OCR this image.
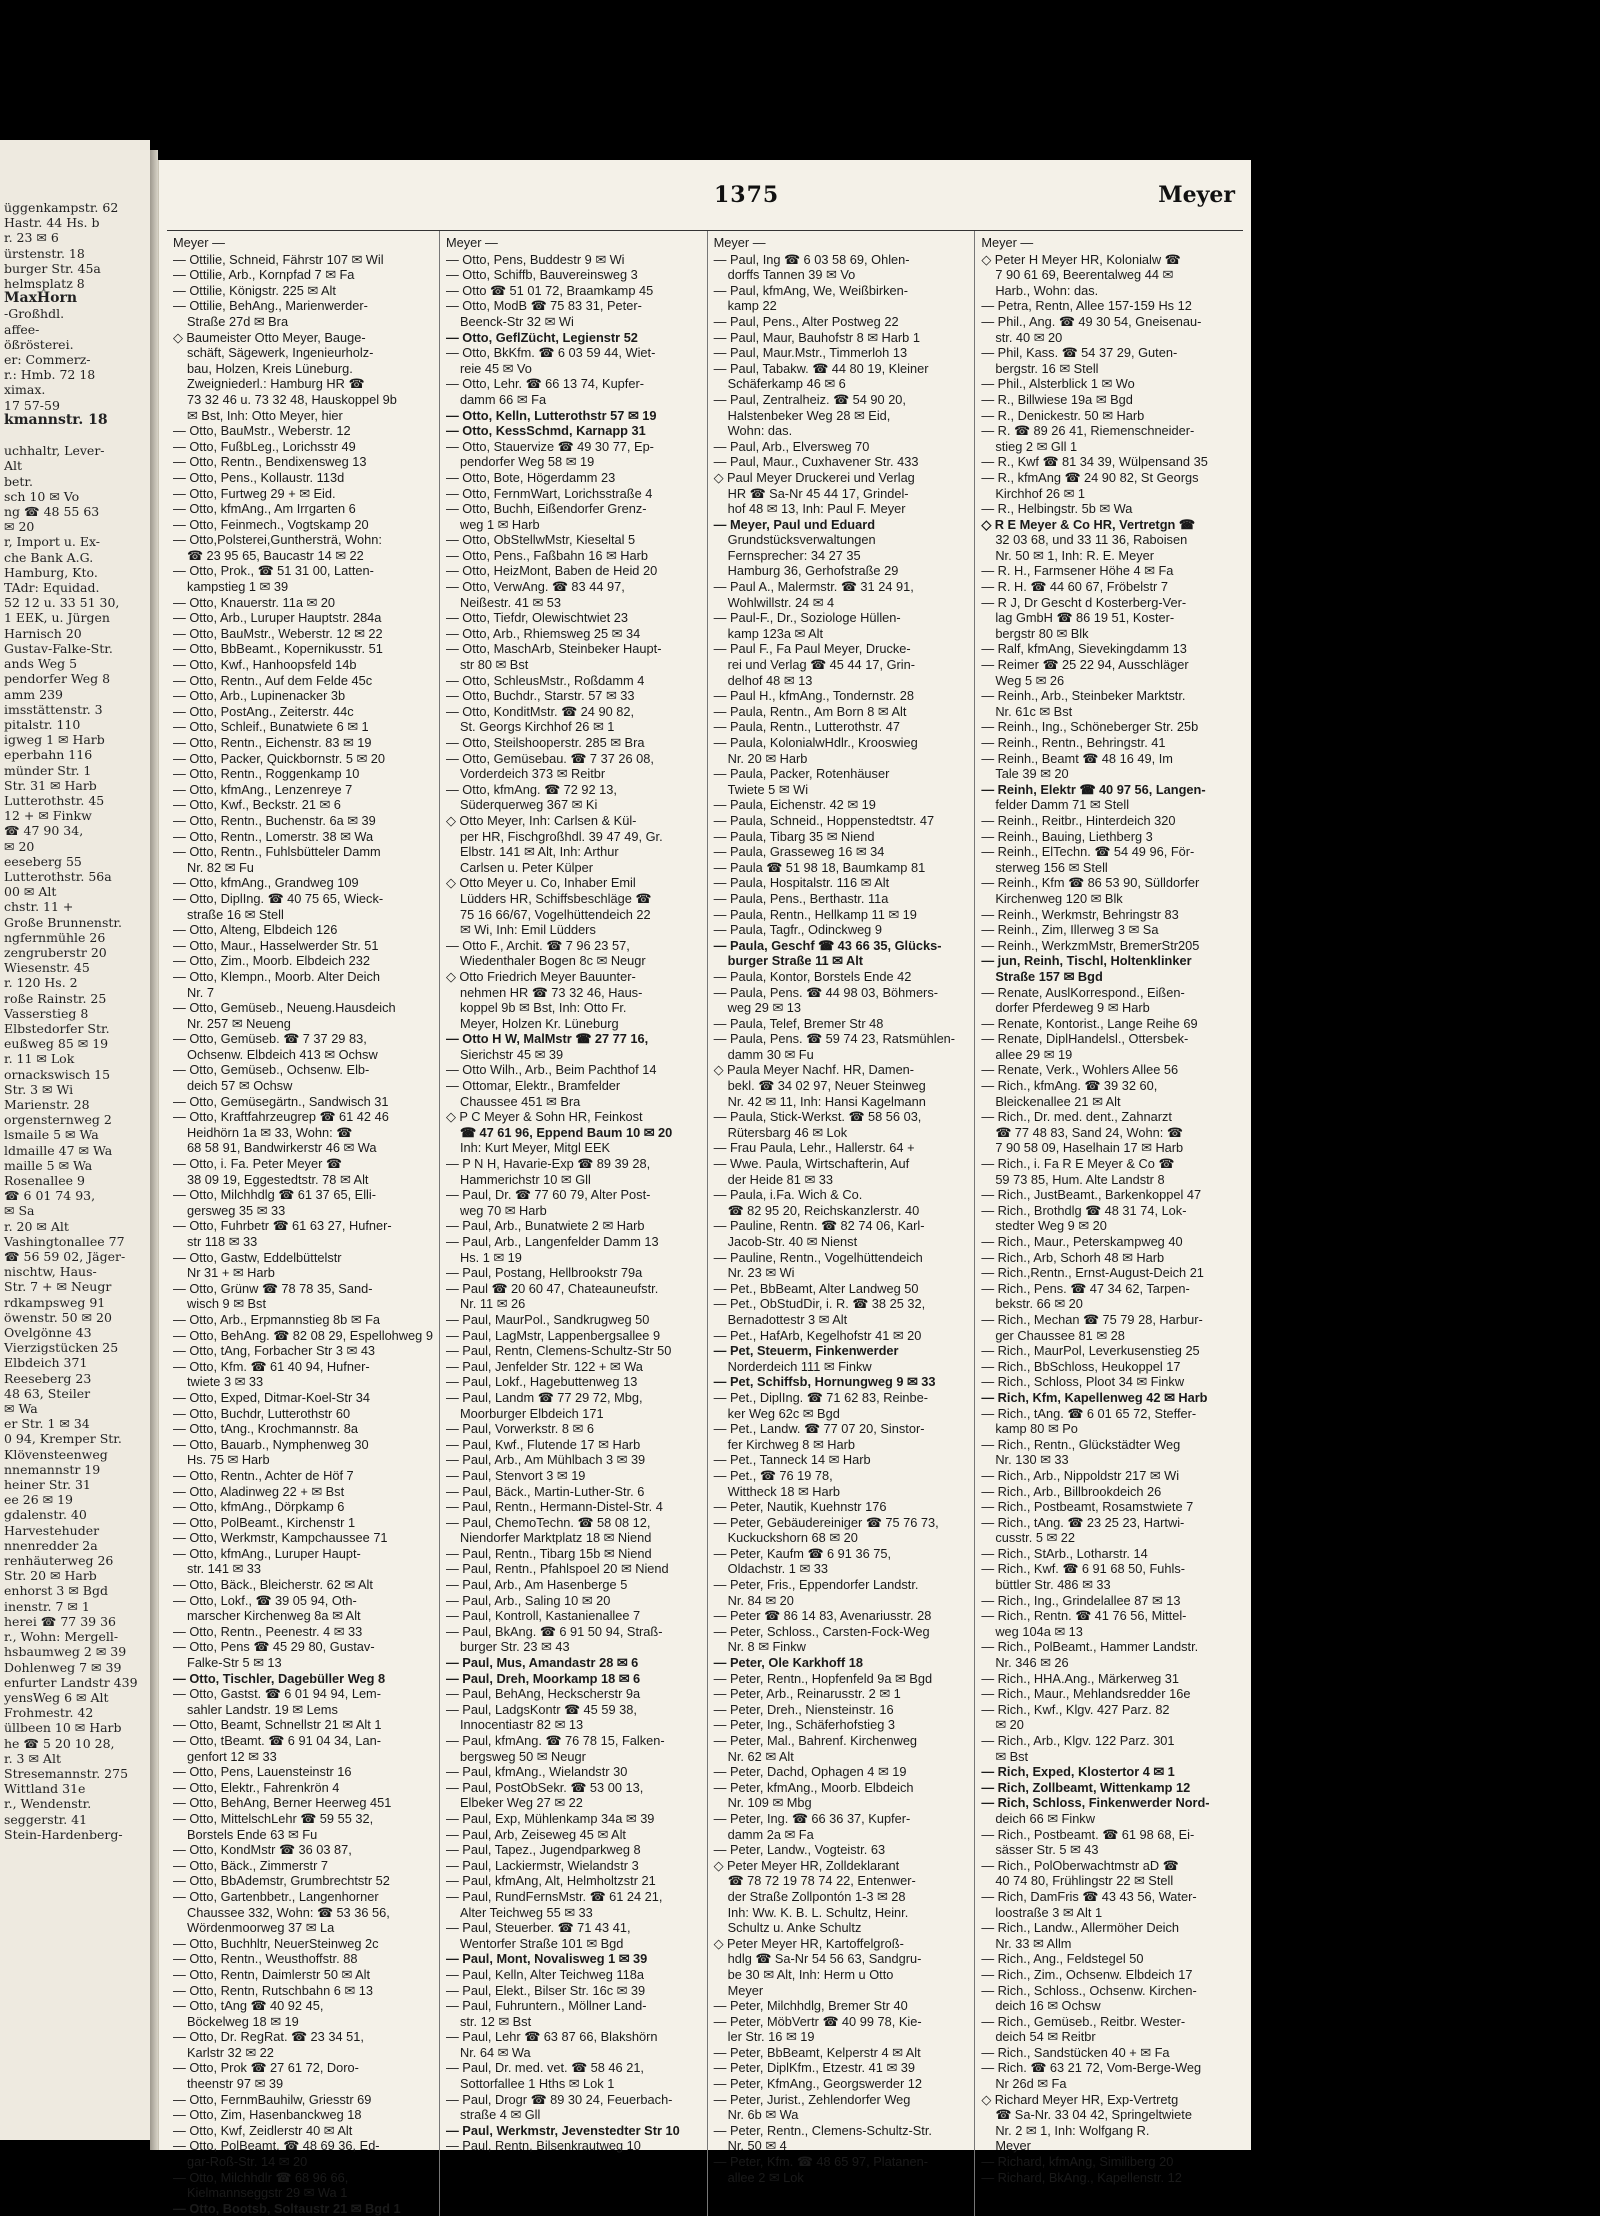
üggenkampstr. 62
Hastr. 44 Hs. b
r. 23 ✉ 6
ürstenstr. 18
burger Str. 45a
helmsplatz 8
MaxHorn
-Großhdl.
affee-
ößrösterei.
er: Commerz-
r.: Hmb. 72 18
ximax.
17 57-59
kmannstr. 18

uchhaltr, Lever-
Alt
betr.
sch 10 ✉ Vo
ng ☎ 48 55 63
✉ 20
r, Import u. Ex-
che Bank A.G.
Hamburg, Kto.
TAdr: Equidad.
52 12 u. 33 51 30,
1 EEK, u. Jürgen
Harnisch 20
Gustav-Falke-Str.
ands Weg 5
pendorfer Weg 8
amm 239
imsstättenstr. 3
pitalstr. 110
igweg 1 ✉ Harb
eperbahn 116
münder Str. 1
Str. 31 ✉ Harb
Lutterothstr. 45
12 + ✉ Finkw
☎ 47 90 34,
✉ 20
eeseberg 55
Lutterothstr. 56a
00 ✉ Alt
chstr. 11 +
Große Brunnenstr.
ngfernmühle 26
zengruberstr 20
Wiesenstr. 45
r. 120 Hs. 2
roße Rainstr. 25
Vasserstieg 8
Elbstedorfer Str.
eußweg 85 ✉ 19
r. 11 ✉ Lok
ornackswisch 15
Str. 3 ✉ Wi
Marienstr. 28
orgensternweg 2
lsmaile 5 ✉ Wa
ldmaille 47 ✉ Wa
maille 5 ✉ Wa
Rosenallee 9
☎ 6 01 74 93,
✉ Sa
r. 20 ✉ Alt
Vashingtonallee 77
☎ 56 59 02, Jäger-
nischtw, Haus-
Str. 7 + ✉ Neugr
rdkampsweg 91
öwenstr. 50 ✉ 20
Ovelgönne 43
Vierzigstücken 25
Elbdeich 371
Reeseberg 23
48 63, Steiler
✉ Wa
er Str. 1 ✉ 34
0 94, Kremper Str.
Klövensteenweg
nnemannstr 19
heiner Str. 31
ee 26 ✉ 19
gdalenstr. 40
Harvestehuder
nnenredder 2a
renhäuterweg 26
Str. 20 ✉ Harb
enhorst 3 ✉ Bgd
inenstr. 7 ✉ 1
herei ☎ 77 39 36
r., Wohn: Mergell-
hsbaumweg 2 ✉ 39
Dohlenweg 7 ✉ 39
enfurter Landstr 439
yensWeg 6 ✉ Alt
Frohmestr. 42
üllbeen 10 ✉ Harb
he ☎ 5 20 10 28,
r. 3 ✉ Alt
Stresemannstr. 275
Wittland 31e
r., Wendenstr.
seggerstr. 41
Stein-Hardenberg-
1375	Meyer
Meyer —
— Ottilie, Schneid, Fährstr 107 ✉ Wil
— Ottilie, Arb., Kornpfad 7 ✉ Fa
— Ottilie, Königstr. 225 ✉ Alt
— Ottilie, BehAng., Marienwerder-
Straße 27d ✉ Bra
◇ Baumeister Otto Meyer, Bauge-
schäft, Sägewerk, Ingenieurholz-
bau, Holzen, Kreis Lüneburg.
Zweigniederl.: Hamburg HR ☎
73 32 46 u. 73 32 48, Hauskoppel 9b
✉ Bst, Inh: Otto Meyer, hier
— Otto, BauMstr., Weberstr. 12
— Otto, FußbLeg., Lorichsstr 49
— Otto, Rentn., Bendixensweg 13
— Otto, Pens., Kollaustr. 113d
— Otto, Furtweg 29 + ✉ Eid.
— Otto, kfmAng., Am Irrgarten 6
— Otto, Feinmech., Vogtskamp 20
— Otto,Polsterei,Gunthersträ, Wohn:
☎ 23 95 65, Baucastr 14 ✉ 22
— Otto, Prok., ☎ 51 31 00, Latten-
kampstieg 1 ✉ 39
— Otto, Knauerstr. 11a ✉ 20
— Otto, Arb., Luruper Hauptstr. 284a
— Otto, BauMstr., Weberstr. 12 ✉ 22
— Otto, BbBeamt., Kopernikusstr. 51
— Otto, Kwf., Hanhoopsfeld 14b
— Otto, Rentn., Auf dem Felde 45c
— Otto, Arb., Lupinenacker 3b
— Otto, PostAng., Zeiterstr. 44c
— Otto, Schleif., Bunatwiete 6 ✉ 1
— Otto, Rentn., Eichenstr. 83 ✉ 19
— Otto, Packer, Quickbornstr. 5 ✉ 20
— Otto, Rentn., Roggenkamp 10
— Otto, kfmAng., Lenzenreye 7
— Otto, Kwf., Beckstr. 21 ✉ 6
— Otto, Rentn., Buchenstr. 6a ✉ 39
— Otto, Rentn., Lomerstr. 38 ✉ Wa
— Otto, Rentn., Fuhlsbütteler Damm
Nr. 82 ✉ Fu
— Otto, kfmAng., Grandweg 109
— Otto, DiplIng. ☎ 40 75 65, Wieck-
straße 16 ✉ Stell
— Otto, Alteng, Elbdeich 126
— Otto, Maur., Hasselwerder Str. 51
— Otto, Zim., Moorb. Elbdeich 232
— Otto, Klempn., Moorb. Alter Deich
Nr. 7
— Otto, Gemüseb., Neueng.Hausdeich
Nr. 257 ✉ Neueng
— Otto, Gemüseb. ☎ 7 37 29 83,
Ochsenw. Elbdeich 413 ✉ Ochsw
— Otto, Gemüseb., Ochsenw. Elb-
deich 57 ✉ Ochsw
— Otto, Gemüsegärtn., Sandwisch 31
— Otto, Kraftfahrzeugrep ☎ 61 42 46
Heidhörn 1a ✉ 33, Wohn: ☎
68 58 91, Bandwirkerstr 46 ✉ Wa
— Otto, i. Fa. Peter Meyer ☎
38 09 19, Eggestedtstr. 78 ✉ Alt
— Otto, Milchhdlg ☎ 61 37 65, Elli-
gersweg 35 ✉ 33
— Otto, Fuhrbetr ☎ 61 63 27, Hufner-
str 118 ✉ 33
— Otto, Gastw, Eddelbüttelstr
Nr 31 + ✉ Harb
— Otto, Grünw ☎ 78 78 35, Sand-
wisch 9 ✉ Bst
— Otto, Arb., Erpmannstieg 8b ✉ Fa
— Otto, BehAng. ☎ 82 08 29, Espellohweg 9
— Otto, tAng, Forbacher Str 3 ✉ 43
— Otto, Kfm. ☎ 61 40 94, Hufner-
twiete 3 ✉ 33
— Otto, Exped, Ditmar-Koel-Str 34
— Otto, Buchdr, Lutterothstr 60
— Otto, tAng., Krochmannstr. 8a
— Otto, Bauarb., Nymphenweg 30
Hs. 75 ✉ Harb
— Otto, Rentn., Achter de Höf 7
— Otto, Aladinweg 22 + ✉ Bst
— Otto, kfmAng., Dörpkamp 6
— Otto, PolBeamt., Kirchenstr 1
— Otto, Werkmstr, Kampchaussee 71
— Otto, kfmAng., Luruper Haupt-
str. 141 ✉ 33
— Otto, Bäck., Bleicherstr. 62 ✉ Alt
— Otto, Lokf., ☎ 39 05 94, Oth-
marscher Kirchenweg 8a ✉ Alt
— Otto, Rentn., Peenestr. 4 ✉ 33
— Otto, Pens ☎ 45 29 80, Gustav-
Falke-Str 5 ✉ 13
— Otto, Tischler, Dagebüller Weg 8
— Otto, Gastst. ☎ 6 01 94 94, Lem-
sahler Landstr. 19 ✉ Lems
— Otto, Beamt, Schnellstr 21 ✉ Alt 1
— Otto, tBeamt. ☎ 6 91 04 34, Lan-
genfort 12 ✉ 33
— Otto, Pens, Lauensteinstr 16
— Otto, Elektr., Fahrenkrön 4
— Otto, BehAng, Berner Heerweg 451
— Otto, MittelschLehr ☎ 59 55 32,
Borstels Ende 63 ✉ Fu
— Otto, KondMstr ☎ 36 03 87,
— Otto, Bäck., Zimmerstr 7
— Otto, BbAdemstr, Grumbrechtstr 52
— Otto, Gartenbbetr., Langenhorner
Chaussee 332, Wohn: ☎ 53 36 56,
Wördenmoorweg 37 ✉ La
— Otto, Buchhltr, NeuerSteinweg 2c
— Otto, Rentn., Weusthoffstr. 88
— Otto, Rentn, Daimlerstr 50 ✉ Alt
— Otto, Rentn, Rutschbahn 6 ✉ 13
— Otto, tAng ☎ 40 92 45,
Böckelweg 18 ✉ 19
— Otto, Dr. RegRat. ☎ 23 34 51,
Karlstr 32 ✉ 22
— Otto, Prok ☎ 27 61 72, Doro-
theenstr 97 ✉ 39
— Otto, FernmBauhilw, Griesstr 69
— Otto, Zim, Hasenbanckweg 18
— Otto, Kwf, Zeidlerstr 40 ✉ Alt
— Otto, PolBeamt. ☎ 48 69 36, Ed-
gar-Roß-Str. 14 ✉ 20
— Otto, Milchhdlr ☎ 68 96 66,
Kielmannseggstr 29 ✉ Wa 1
— Otto, Bootsb, Soltaustr 21 ✉ Bgd 1
Meyer —
— Otto, Pens, Buddestr 9 ✉ Wi
— Otto, Schiffb, Bauvereinsweg 3
— Otto ☎ 51 01 72, Braamkamp 45
— Otto, ModB ☎ 75 83 31, Peter-
Beenck-Str 32 ✉ Wi
— Otto, GeflZücht, Legienstr 52
— Otto, BkKfm. ☎ 6 03 59 44, Wiet-
reie 45 ✉ Vo
— Otto, Lehr. ☎ 66 13 74, Kupfer-
damm 66 ✉ Fa
— Otto, Kelln, Lutterothstr 57 ✉ 19
— Otto, KessSchmd, Karnapp 31
— Otto, Stauervize ☎ 49 30 77, Ep-
pendorfer Weg 58 ✉ 19
— Otto, Bote, Högerdamm 23
— Otto, FernmWart, Lorichsstraße 4
— Otto, Buchh, Eißendorfer Grenz-
weg 1 ✉ Harb
— Otto, ObStellwMstr, Kieseltal 5
— Otto, Pens., Faßbahn 16 ✉ Harb
— Otto, HeizMont, Baben de Heid 20
— Otto, VerwAng. ☎ 83 44 97,
Neißestr. 41 ✉ 53
— Otto, Tiefdr, Olewischtwiet 23
— Otto, Arb., Rhiemsweg 25 ✉ 34
— Otto, MaschArb, Steinbeker Haupt-
str 80 ✉ Bst
— Otto, SchleusMstr., Roßdamm 4
— Otto, Buchdr., Starstr. 57 ✉ 33
— Otto, KonditMstr. ☎ 24 90 82,
St. Georgs Kirchhof 26 ✉ 1
— Otto, Steilshooperstr. 285 ✉ Bra
— Otto, Gemüsebau. ☎ 7 37 26 08,
Vorderdeich 373 ✉ Reitbr
— Otto, kfmAng. ☎ 72 92 13,
Süderquerweg 367 ✉ Ki
◇ Otto Meyer, Inh: Carlsen & Kül-
per HR, Fischgroßhdl. 39 47 49, Gr.
Elbstr. 141 ✉ Alt, Inh: Arthur
Carlsen u. Peter Külper
◇ Otto Meyer u. Co, Inhaber Emil
Lüdders HR, Schiffsbeschläge ☎
75 16 66/67, Vogelhüttendeich 22
✉ Wi, Inh: Emil Lüdders
— Otto F., Archit. ☎ 7 96 23 57,
Wiedenthaler Bogen 8c ✉ Neugr
◇ Otto Friedrich Meyer Bauunter-
nehmen HR ☎ 73 32 46, Haus-
koppel 9b ✉ Bst, Inh: Otto Fr.
Meyer, Holzen Kr. Lüneburg
— Otto H W, MalMstr ☎ 27 77 16,
Sierichstr 45 ✉ 39
— Otto Wilh., Arb., Beim Pachthof 14
— Ottomar, Elektr., Bramfelder
Chaussee 451 ✉ Bra
◇ P C Meyer & Sohn HR, Feinkost
☎ 47 61 96, Eppend Baum 10 ✉ 20
Inh: Kurt Meyer, Mitgl EEK
— P N H, Havarie-Exp ☎ 89 39 28,
Hammerichstr 10 ✉ Gll
— Paul, Dr. ☎ 77 60 79, Alter Post-
weg 70 ✉ Harb
— Paul, Arb., Bunatwiete 2 ✉ Harb
— Paul, Arb., Langenfelder Damm 13
Hs. 1 ✉ 19
— Paul, Postang, Hellbrookstr 79a
— Paul ☎ 20 60 47, Chateauneufstr.
Nr. 11 ✉ 26
— Paul, MaurPol., Sandkrugweg 50
— Paul, LagMstr, Lappenbergsallee 9
— Paul, Rentn, Clemens-Schultz-Str 50
— Paul, Jenfelder Str. 122 + ✉ Wa
— Paul, Lokf., Hagebuttenweg 13
— Paul, Landm ☎ 77 29 72, Mbg,
Moorburger Elbdeich 171
— Paul, Vorwerkstr. 8 ✉ 6
— Paul, Kwf., Flutende 17 ✉ Harb
— Paul, Arb., Am Mühlbach 3 ✉ 39
— Paul, Stenvort 3 ✉ 19
— Paul, Bäck., Martin-Luther-Str. 6
— Paul, Rentn., Hermann-Distel-Str. 4
— Paul, ChemoTechn. ☎ 58 08 12,
Niendorfer Marktplatz 18 ✉ Niend
— Paul, Rentn., Tibarg 15b ✉ Niend
— Paul, Rentn., Pfahlspoel 20 ✉ Niend
— Paul, Arb., Am Hasenberge 5
— Paul, Arb., Saling 10 ✉ 20
— Paul, Kontroll, Kastanienallee 7
— Paul, BkAng. ☎ 6 91 50 94, Straß-
burger Str. 23 ✉ 43
— Paul, Mus, Amandastr 28 ✉ 6
— Paul, Dreh, Moorkamp 18 ✉ 6
— Paul, BehAng, Heckscherstr 9a
— Paul, LadgsKontr ☎ 45 59 38,
Innocentiastr 82 ✉ 13
— Paul, kfmAng. ☎ 76 78 15, Falken-
bergsweg 50 ✉ Neugr
— Paul, kfmAng., Wielandstr 30
— Paul, PostObSekr. ☎ 53 00 13,
Elbeker Weg 27 ✉ 22
— Paul, Exp, Mühlenkamp 34a ✉ 39
— Paul, Arb, Zeiseweg 45 ✉ Alt
— Paul, Tapez., Jugendparkweg 8
— Paul, Lackiermstr, Wielandstr 3
— Paul, kfmAng, Alt, Helmholtzstr 21
— Paul, RundFernsMstr. ☎ 61 24 21,
Alter Teichweg 55 ✉ 33
— Paul, Steuerber. ☎ 71 43 41,
Wentorfer Straße 101 ✉ Bgd
— Paul, Mont, Novalisweg 1 ✉ 39
— Paul, Kelln, Alter Teichweg 118a
— Paul, Elekt., Bilser Str. 16c ✉ 39
— Paul, Fuhruntern., Möllner Land-
str. 12 ✉ Bst
— Paul, Lehr ☎ 63 87 66, Blakshörn
Nr. 64 ✉ Wa
— Paul, Dr. med. vet. ☎ 58 46 21,
Sottorfallee 1 Hths ✉ Lok 1
— Paul, Drogr ☎ 89 30 24, Feuerbach-
straße 4 ✉ Gll
— Paul, Werkmstr, Jevenstedter Str 10
— Paul, Rentn, Bilsenkrautweg 10
Meyer —
— Paul, Ing ☎ 6 03 58 69, Ohlen-
dorffs Tannen 39 ✉ Vo
— Paul, kfmAng, We, Weißbirken-
kamp 22
— Paul, Pens., Alter Postweg 22
— Paul, Maur, Bauhofstr 8 ✉ Harb 1
— Paul, Maur.Mstr., Timmerloh 13
— Paul, Tabakw. ☎ 44 80 19, Kleiner
Schäferkamp 46 ✉ 6
— Paul, Zentralheiz. ☎ 54 90 20,
Halstenbeker Weg 28 ✉ Eid,
Wohn: das.
— Paul, Arb., Elversweg 70
— Paul, Maur., Cuxhavener Str. 433
◇ Paul Meyer Druckerei und Verlag
HR ☎ Sa-Nr 45 44 17, Grindel-
hof 48 ✉ 13, Inh: Paul F. Meyer
— Meyer, Paul und Eduard
Grundstücksverwaltungen
Fernsprecher: 34 27 35
Hamburg 36, Gerhofstraße 29
— Paul A., Malermstr. ☎ 31 24 91,
Wohlwillstr. 24 ✉ 4
— Paul-F., Dr., Soziologe Hüllen-
kamp 123a ✉ Alt
— Paul F., Fa Paul Meyer, Drucke-
rei und Verlag ☎ 45 44 17, Grin-
delhof 48 ✉ 13
— Paul H., kfmAng., Tondernstr. 28
— Paula, Rentn., Am Born 8 ✉ Alt
— Paula, Rentn., Lutterothstr. 47
— Paula, KolonialwHdlr., Krooswieg
Nr. 20 ✉ Harb
— Paula, Packer, Rotenhäuser
Twiete 5 ✉ Wi
— Paula, Eichenstr. 42 ✉ 19
— Paula, Schneid., Hoppenstedtstr. 47
— Paula, Tibarg 35 ✉ Niend
— Paula, Grasseweg 16 ✉ 34
— Paula ☎ 51 98 18, Baumkamp 81
— Paula, Hospitalstr. 116 ✉ Alt
— Paula, Pens., Berthastr. 11a
— Paula, Rentn., Hellkamp 11 ✉ 19
— Paula, Tagfr., Odinckweg 9
— Paula, Geschf ☎ 43 66 35, Glücks-
burger Straße 11 ✉ Alt
— Paula, Kontor, Borstels Ende 42
— Paula, Pens. ☎ 44 98 03, Böhmers-
weg 29 ✉ 13
— Paula, Telef, Bremer Str 48
— Paula, Pens. ☎ 59 74 23, Ratsmühlen-
damm 30 ✉ Fu
◇ Paula Meyer Nachf. HR, Damen-
bekl. ☎ 34 02 97, Neuer Steinweg
Nr. 42 ✉ 11, Inh: Hansi Kagelmann
— Paula, Stick-Werkst. ☎ 58 56 03,
Rütersbarg 46 ✉ Lok
— Frau Paula, Lehr., Hallerstr. 64 +
— Wwe. Paula, Wirtschafterin, Auf
der Heide 81 ✉ 33
— Paula, i.Fa. Wich & Co.
☎ 82 95 20, Reichskanzlerstr. 40
— Pauline, Rentn. ☎ 82 74 06, Karl-
Jacob-Str. 40 ✉ Nienst
— Pauline, Rentn., Vogelhüttendeich
Nr. 23 ✉ Wi
— Pet., BbBeamt, Alter Landweg 50
— Pet., ObStudDir, i. R. ☎ 38 25 32,
Bernadottestr 3 ✉ Alt
— Pet., HafArb, Kegelhofstr 41 ✉ 20
— Pet, Steuerm, Finkenwerder
Norderdeich 111 ✉ Finkw
— Pet, Schiffsb, Hornungweg 9 ✉ 33
— Pet., DiplIng. ☎ 71 62 83, Reinbe-
ker Weg 62c ✉ Bgd
— Pet., Landw. ☎ 77 07 20, Sinstor-
fer Kirchweg 8 ✉ Harb
— Pet., Tanneck 14 ✉ Harb
— Pet., ☎ 76 19 78,
Wittheck 18 ✉ Harb
— Peter, Nautik, Kuehnstr 176
— Peter, Gebäudereiniger ☎ 75 76 73,
Kuckuckshorn 68 ✉ 20
— Peter, Kaufm ☎ 6 91 36 75,
Oldachstr. 1 ✉ 33
— Peter, Fris., Eppendorfer Landstr.
Nr. 84 ✉ 20
— Peter ☎ 86 14 83, Avenariusstr. 28
— Peter, Schloss., Carsten-Fock-Weg
Nr. 8 ✉ Finkw
— Peter, Ole Karkhoff 18
— Peter, Rentn., Hopfenfeld 9a ✉ Bgd
— Peter, Arb., Reinarusstr. 2 ✉ 1
— Peter, Dreh., Niensteinstr. 16
— Peter, Ing., Schäferhofstieg 3
— Peter, Mal., Bahrenf. Kirchenweg
Nr. 62 ✉ Alt
— Peter, Dachd, Ophagen 4 ✉ 19
— Peter, kfmAng., Moorb. Elbdeich
Nr. 109 ✉ Mbg
— Peter, Ing. ☎ 66 36 37, Kupfer-
damm 2a ✉ Fa
— Peter, Landw., Vogteistr. 63
◇ Peter Meyer HR, Zolldeklarant
☎ 78 72 19 78 74 22, Entenwer-
der Straße Zollpontón 1-3 ✉ 28
Inh: Ww. K. B. L. Schultz, Heinr.
Schultz u. Anke Schultz
◇ Peter Meyer HR, Kartoffelgroß-
hdlg ☎ Sa-Nr 54 56 63, Sandgru-
be 30 ✉ Alt, Inh: Herm u Otto
Meyer
— Peter, Milchhdlg, Bremer Str 40
— Peter, MöbVertr ☎ 40 99 78, Kie-
ler Str. 16 ✉ 19
— Peter, BbBeamt, Kelperstr 4 ✉ Alt
— Peter, DiplKfm., Etzestr. 41 ✉ 39
— Peter, KfmAng., Georgswerder 12
— Peter, Jurist., Zehlendorfer Weg
Nr. 6b ✉ Wa
— Peter, Rentn., Clemens-Schultz-Str.
Nr. 50 ✉ 4
— Peter, Kfm. ☎ 48 65 97, Platanen-
allee 2 ✉ Lok
Meyer —
◇ Peter H Meyer HR, Kolonialw ☎
7 90 61 69, Beerentalweg 44 ✉
Harb., Wohn: das.
— Petra, Rentn, Allee 157-159 Hs 12
— Phil., Ang. ☎ 49 30 54, Gneisenau-
str. 40 ✉ 20
— Phil, Kass. ☎ 54 37 29, Guten-
bergstr. 16 ✉ Stell
— Phil., Alsterblick 1 ✉ Wo
— R., Billwiese 19a ✉ Bgd
— R., Denickestr. 50 ✉ Harb
— R. ☎ 89 26 41, Riemenschneider-
stieg 2 ✉ Gll 1
— R., Kwf ☎ 81 34 39, Wülpensand 35
— R., kfmAng ☎ 24 90 82, St Georgs
Kirchhof 26 ✉ 1
— R., Helbingstr. 5b ✉ Wa
◇ R E Meyer & Co HR, Vertretgn ☎
32 03 68, und 33 11 36, Raboisen
Nr. 50 ✉ 1, Inh: R. E. Meyer
— R. H., Farmsener Höhe 4 ✉ Fa
— R. H. ☎ 44 60 67, Fröbelstr 7
— R J, Dr Gescht d Kosterberg-Ver-
lag GmbH ☎ 86 19 51, Koster-
bergstr 80 ✉ Blk
— Ralf, kfmAng, Sievekingdamm 13
— Reimer ☎ 25 22 94, Ausschläger
Weg 5 ✉ 26
— Reinh., Arb., Steinbeker Marktstr.
Nr. 61c ✉ Bst
— Reinh., Ing., Schöneberger Str. 25b
— Reinh., Rentn., Behringstr. 41
— Reinh., Beamt ☎ 48 16 49, Im
Tale 39 ✉ 20
— Reinh, Elektr ☎ 40 97 56, Langen-
felder Damm 71 ✉ Stell
— Reinh., Reitbr., Hinterdeich 320
— Reinh., Bauing, Liethberg 3
— Reinh., ElTechn. ☎ 54 49 96, För-
sterweg 156 ✉ Stell
— Reinh., Kfm ☎ 86 53 90, Sülldorfer
Kirchenweg 120 ✉ Blk
— Reinh., Werkmstr, Behringstr 83
— Reinh., Zim, Illerweg 3 ✉ Sa
— Reinh., WerkzmMstr, BremerStr205
— jun, Reinh, Tischl, Holtenklinker
Straße 157 ✉ Bgd
— Renate, AuslKorrespond., Eißen-
dorfer Pferdeweg 9 ✉ Harb
— Renate, Kontorist., Lange Reihe 69
— Renate, DiplHandelsl., Ottersbek-
allee 29 ✉ 19
— Renate, Verk., Wohlers Allee 56
— Rich., kfmAng. ☎ 39 32 60,
Bleickenallee 21 ✉ Alt
— Rich., Dr. med. dent., Zahnarzt
☎ 77 48 83, Sand 24, Wohn: ☎
7 90 58 09, Haselhain 17 ✉ Harb
— Rich., i. Fa R E Meyer & Co ☎
59 73 85, Hum. Alte Landstr 8
— Rich., JustBeamt., Barkenkoppel 47
— Rich., Brothdlg ☎ 48 31 74, Lok-
stedter Weg 9 ✉ 20
— Rich., Maur., Peterskampweg 40
— Rich., Arb, Schorh 48 ✉ Harb
— Rich.,Rentn., Ernst-August-Deich 21
— Rich., Pens. ☎ 47 34 62, Tarpen-
bekstr. 66 ✉ 20
— Rich., Mechan ☎ 75 79 28, Harbur-
ger Chaussee 81 ✉ 28
— Rich., MaurPol, Leverkusenstieg 25
— Rich., BbSchloss, Heukoppel 17
— Rich., Schloss, Ploot 34 ✉ Finkw
— Rich, Kfm, Kapellenweg 42 ✉ Harb
— Rich., tAng. ☎ 6 01 65 72, Steffer-
kamp 80 ✉ Po
— Rich., Rentn., Glückstädter Weg
Nr. 130 ✉ 33
— Rich., Arb., Nippoldstr 217 ✉ Wi
— Rich., Arb., Billbrookdeich 26
— Rich., Postbeamt, Rosamstwiete 7
— Rich., tAng. ☎ 23 25 23, Hartwi-
cusstr. 5 ✉ 22
— Rich., StArb., Lotharstr. 14
— Rich., Kwf. ☎ 6 91 68 50, Fuhls-
büttler Str. 486 ✉ 33
— Rich., Ing., Grindelallee 87 ✉ 13
— Rich., Rentn. ☎ 41 76 56, Mittel-
weg 104a ✉ 13
— Rich., PolBeamt., Hammer Landstr.
Nr. 346 ✉ 26
— Rich., HHA.Ang., Märkerweg 31
— Rich., Maur., Mehlandsredder 16e
— Rich., Kwf., Klgv. 427 Parz. 82
✉ 20
— Rich., Arb., Klgv. 122 Parz. 301
✉ Bst
— Rich, Exped, Klostertor 4 ✉ 1
— Rich, Zollbeamt, Wittenkamp 12
— Rich, Schloss, Finkenwerder Nord-
deich 66 ✉ Finkw
— Rich., Postbeamt. ☎ 61 98 68, Ei-
sässer Str. 5 ✉ 43
— Rich., PolOberwachtmstr aD ☎
40 74 80, Frühlingstr 22 ✉ Stell
— Rich, DamFris ☎ 43 43 56, Water-
loostraße 3 ✉ Alt 1
— Rich., Landw., Allermöher Deich
Nr. 33 ✉ Allm
— Rich., Ang., Feldstegel 50
— Rich., Zim., Ochsenw. Elbdeich 17
— Rich., Schloss., Ochsenw. Kirchen-
deich 16 ✉ Ochsw
— Rich., Gemüseb., Reitbr. Wester-
deich 54 ✉ Reitbr
— Rich., Sandstücken 40 + ✉ Fa
— Rich. ☎ 63 21 72, Vom-Berge-Weg
Nr 26d ✉ Fa
◇ Richard Meyer HR, Exp-Vertretg
☎ Sa-Nr. 33 04 42, Springeltwiete
Nr. 2 ✉ 1, Inh: Wolfgang R.
Meyer
— Richard, kfmAng, Similiberg 20
— Richard, BkAng., Kapellenstr. 12
